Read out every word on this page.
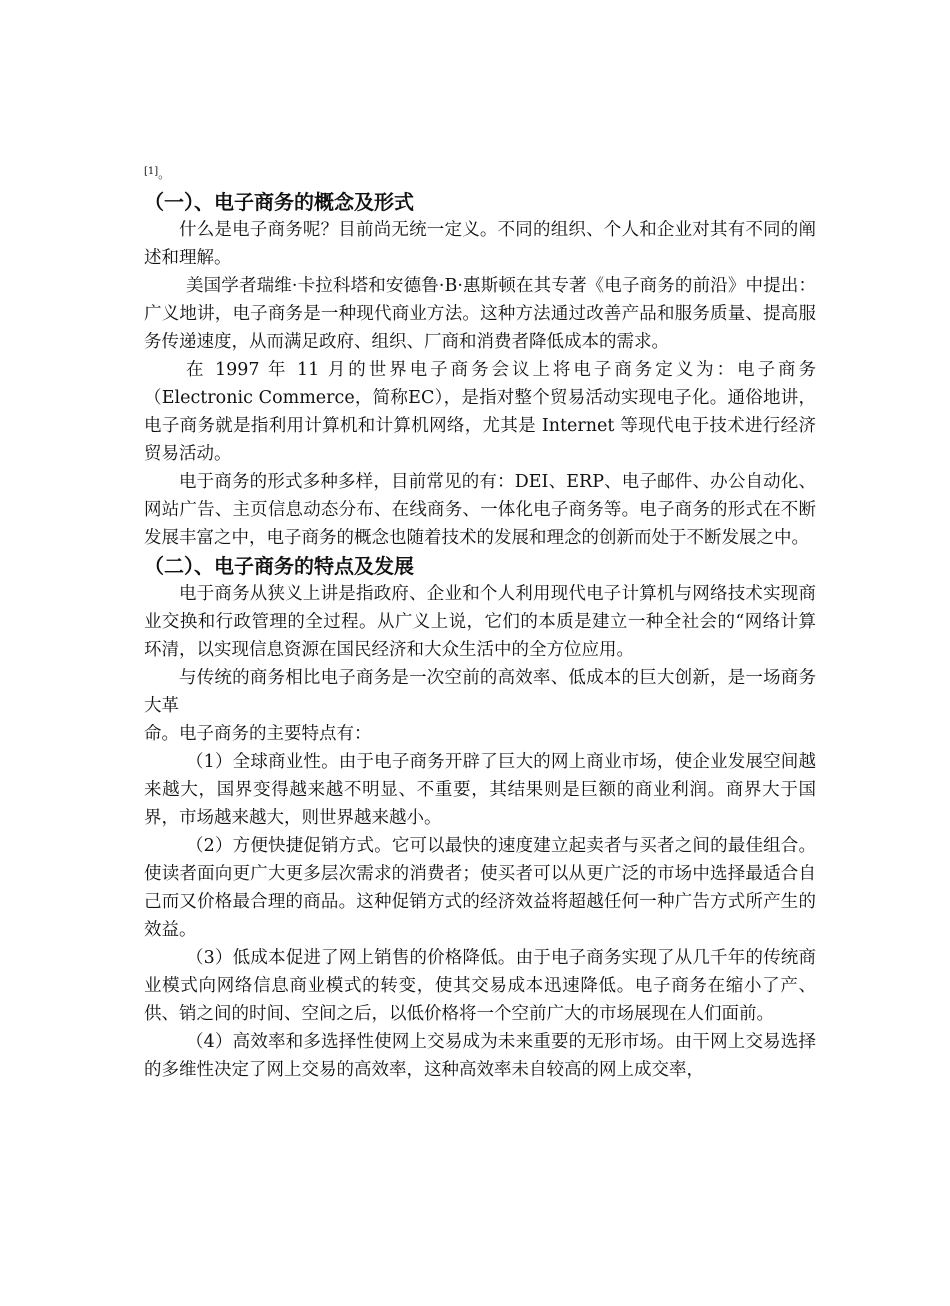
[1]。
（一）、电子商务的概念及形式

什么是电子商务呢？目前尚无统一定义。不同的组织、个人和企业对其有不同的阐述和理解。

美国学者瑞维·卡拉科塔和安德鲁·B·惠斯顿在其专著《电子商务的前沿》中提出：广义地讲，电子商务是一种现代商业方法。这种方法通过改善产品和服务质量、提高服务传递速度，从而满足政府、组织、厂商和消费者降低成本的需求。

在 1997 年 11 月的世界电子商务会议上将电子商务定义为：电子商务（Electronic Commerce，简称EC），是指对整个贸易活动实现电子化。通俗地讲，电子商务就是指利用计算机和计算机网络，尤其是 Internet 等现代电于技术进行经济贸易活动。

电于商务的形式多种多样，目前常见的有：DEI、ERP、电子邮件、办公自动化、网站广告、主页信息动态分布、在线商务、一体化电子商务等。电子商务的形式在不断发展丰富之中，电子商务的概念也随着技术的发展和理念的创新而处于不断发展之中。

（二）、电子商务的特点及发展

电于商务从狭义上讲是指政府、企业和个人利用现代电子计算机与网络技术实现商业交换和行政管理的全过程。从广义上说，它们的本质是建立一种全社会的“网络计算环清，以实现信息资源在国民经济和大众生活中的全方位应用。

与传统的商务相比电子商务是一次空前的高效率、低成本的巨大创新，是一场商务大革

命。电子商务的主要特点有：

（1）全球商业性。由于电子商务开辟了巨大的网上商业市场，使企业发展空间越来越大，国界变得越来越不明显、不重要，其结果则是巨额的商业利润。商界大于国界，市场越来越大，则世界越来越小。

（2）方便快捷促销方式。它可以最快的速度建立起卖者与买者之间的最佳组合。使读者面向更广大更多层次需求的消费者；使买者可以从更广泛的市场中选择最适合自己而又价格最合理的商品。这种促销方式的经济效益将超越任何一种广告方式所产生的效益。

（3）低成本促进了网上销售的价格降低。由于电子商务实现了从几千年的传统商业模式向网络信息商业模式的转变，使其交易成本迅速降低。电子商务在缩小了产、供、销之间的时间、空间之后，以低价格将一个空前广大的市场展现在人们面前。

（4）高效率和多选择性使网上交易成为未来重要的无形市场。由干网上交易选择的多维性决定了网上交易的高效率，这种高效率未自较高的网上成交率，
